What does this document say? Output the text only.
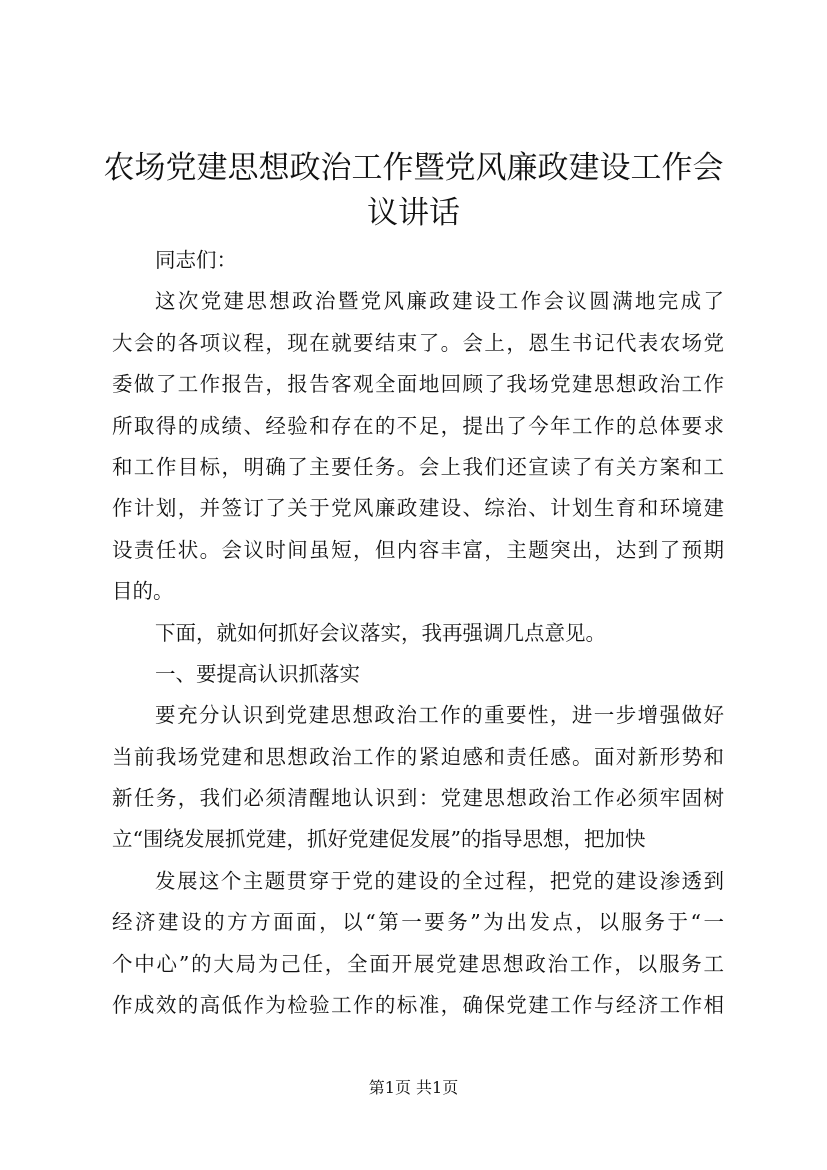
农场党建思想政治工作暨党风廉政建设工作会
议讲话
同志们：
这次党建思想政治暨党风廉政建设工作会议圆满地完成了
大会的各项议程，现在就要结束了。会上，恩生书记代表农场党
委做了工作报告，报告客观全面地回顾了我场党建思想政治工作
所取得的成绩、经验和存在的不足，提出了今年工作的总体要求
和工作目标，明确了主要任务。会上我们还宣读了有关方案和工
作计划，并签订了关于党风廉政建设、综治、计划生育和环境建
设责任状。会议时间虽短，但内容丰富，主题突出，达到了预期
目的。
下面，就如何抓好会议落实，我再强调几点意见。
一、要提高认识抓落实
要充分认识到党建思想政治工作的重要性，进一步增强做好
当前我场党建和思想政治工作的紧迫感和责任感。面对新形势和
新任务，我们必须清醒地认识到：党建思想政治工作必须牢固树
立“围绕发展抓党建，抓好党建促发展”的指导思想，把加快
发展这个主题贯穿于党的建设的全过程，把党的建设渗透到
经济建设的方方面面，以“第一要务”为出发点，以服务于“一
个中心”的大局为己任，全面开展党建思想政治工作，以服务工
作成效的高低作为检验工作的标准，确保党建工作与经济工作相
第1页 共1页
